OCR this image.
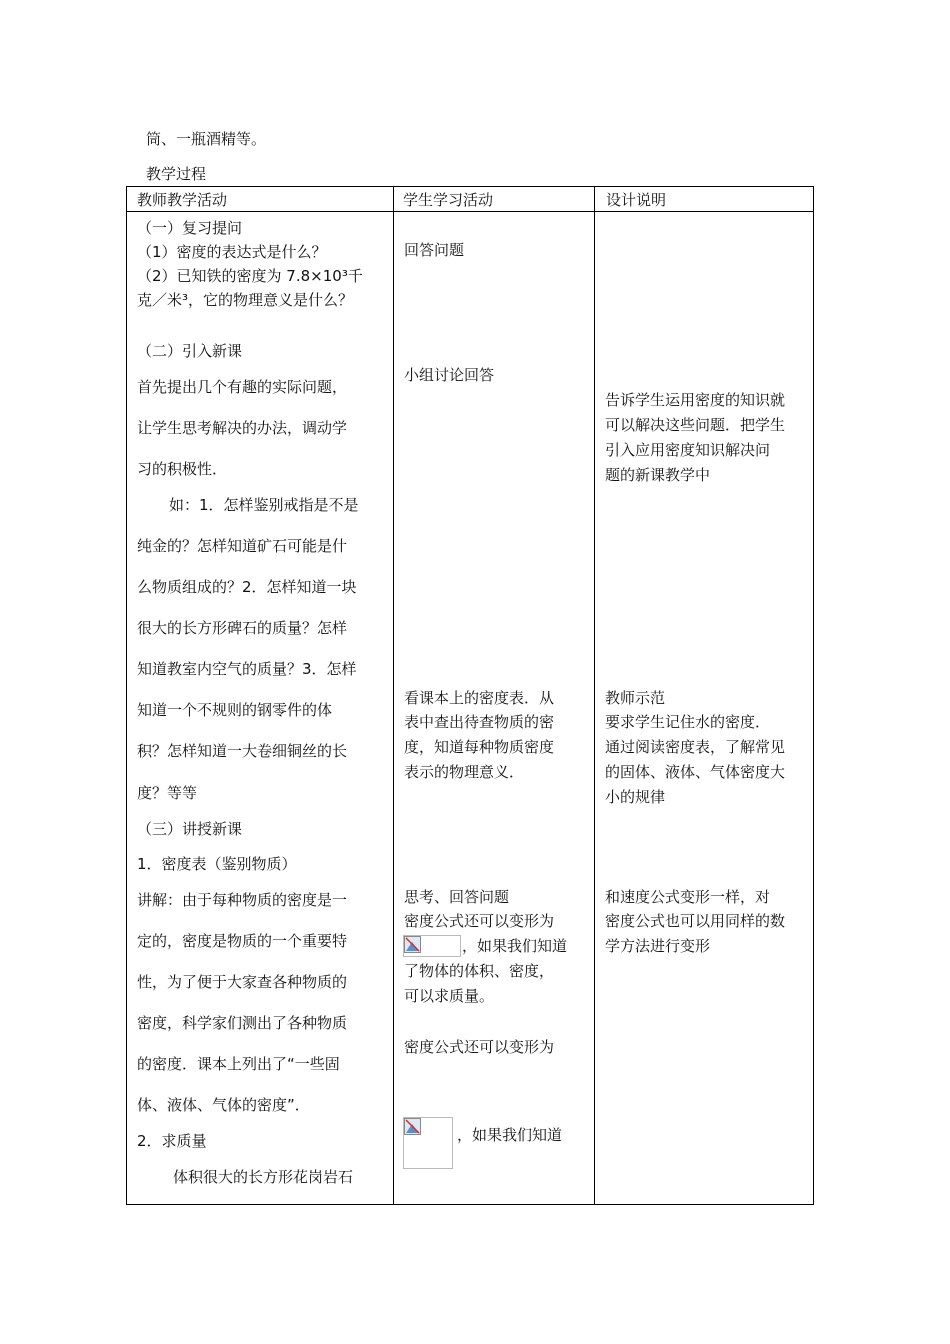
筒、一瓶酒精等。
教学过程
教师教学活动	学生学习活动	设计说明
（一）复习提问
（1）密度的表达式是什么？
（2）已知铁的密度为 7.8×10³千
克／米³，它的物理意义是什么？
（二）引入新课
首先提出几个有趣的实际问题，
让学生思考解决的办法，调动学
习的积极性．
如：1．怎样鉴别戒指是不是
纯金的？怎样知道矿石可能是什
么物质组成的？2．怎样知道一块
很大的长方形碑石的质量？怎样
知道教室内空气的质量？3．怎样
知道一个不规则的钢零件的体
积？怎样知道一大卷细铜丝的长
度？等等
（三）讲授新课
1．密度表（鉴别物质）
讲解：由于每种物质的密度是一
定的，密度是物质的一个重要特
性，为了便于大家查各种物质的
密度，科学家们测出了各种物质
的密度．课本上列出了“一些固
体、液体、气体的密度”．
2．求质量
体积很大的长方形花岗岩石
回答问题
小组讨论回答
看课本上的密度表．从
表中查出待查物质的密
度，知道每种物质密度
表示的物理意义．
思考、回答问题
密度公式还可以变形为
，如果我们知道
了物体的体积、密度，
可以求质量。
密度公式还可以变形为
，如果我们知道
告诉学生运用密度的知识就
可以解决这些问题．把学生
引入应用密度知识解决问
题的新课教学中
教师示范
要求学生记住水的密度．
通过阅读密度表，了解常见
的固体、液体、气体密度大
小的规律
和速度公式变形一样，对
密度公式也可以用同样的数
学方法进行变形
